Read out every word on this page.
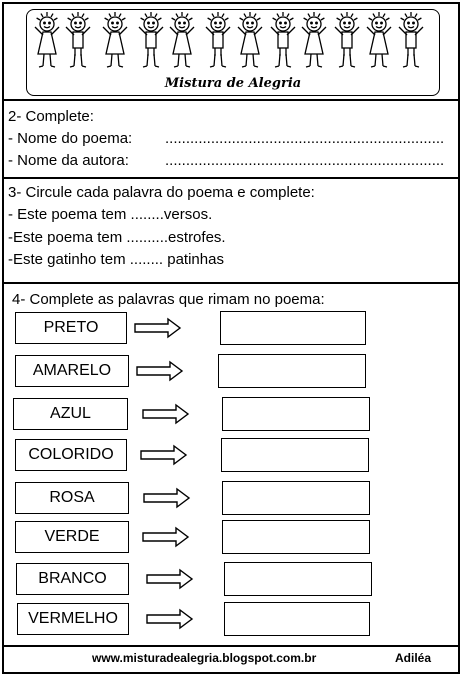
Mistura de Alegria
2- Complete:
- Nome do poema: ...................................................................
- Nome da autora: ...................................................................
3- Circule cada palavra do poema e complete:
- Este poema tem ........versos.
-Este poema tem ..........estrofes.
-Este gatinho tem ........ patinhas
4- Complete as palavras que rimam no poema:
PRETO
AMARELO
AZUL
COLORIDO
ROSA
VERDE
BRANCO
VERMELHO
www.misturadealegria.blogspot.com.br	Adiléa
